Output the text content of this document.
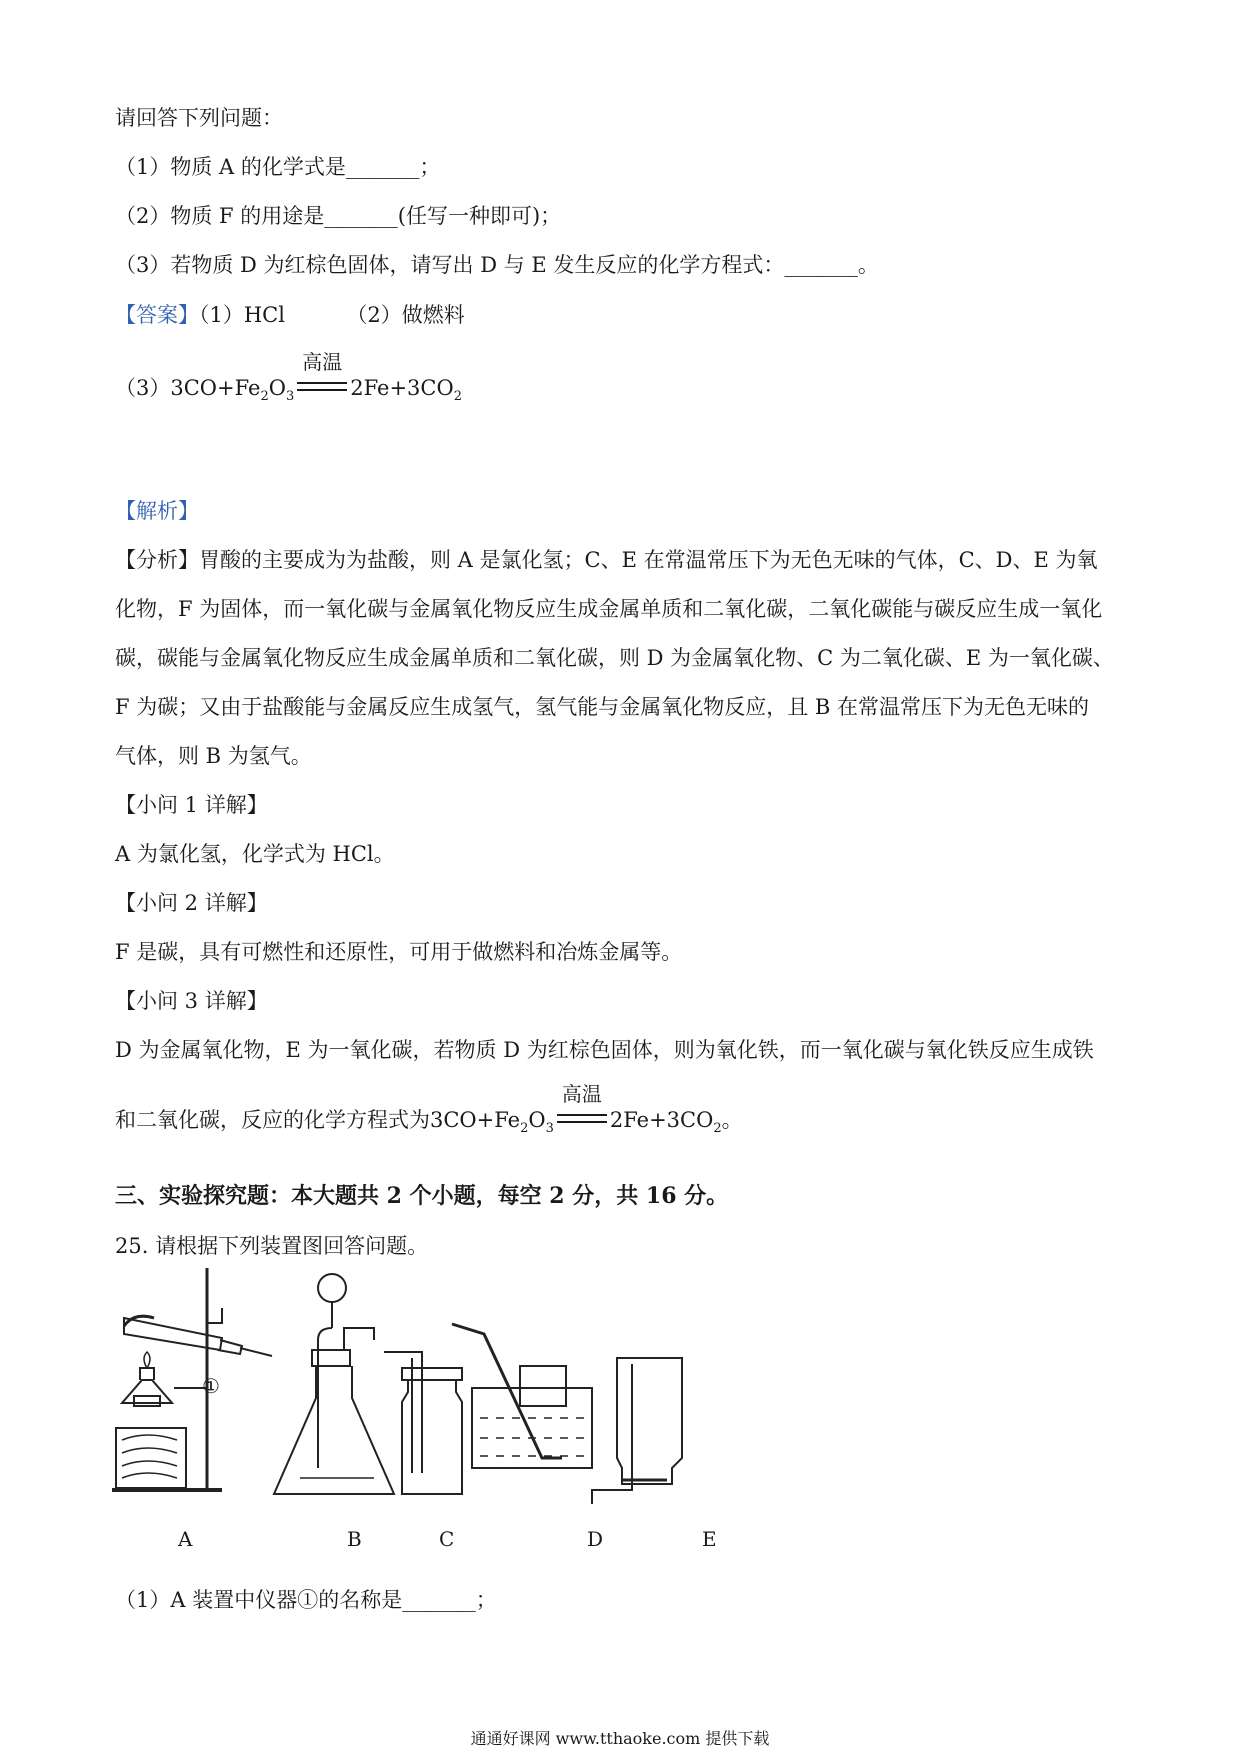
请回答下列问题：
（1）物质 A 的化学式是_______；
（2）物质 F 的用途是_______(任写一种即可)；
（3）若物质 D 为红棕色固体，请写出 D 与 E 发生反应的化学方程式：_______。
【答案】（1）HCl	（2）做燃料
$(3)3CO+Fe_2O_3$
高温
$2Fe+3CO_2$
【解析】
【分析】胃酸的主要成为为盐酸，则 A 是氯化氢；C、E 在常温常压下为无色无味的气体，C、D、E 为氧
化物，F 为固体，而一氧化碳与金属氧化物反应生成金属单质和二氧化碳，二氧化碳能与碳反应生成一氧化
碳，碳能与金属氧化物反应生成金属单质和二氧化碳，则 D 为金属氧化物、C 为二氧化碳、E 为一氧化碳、
F 为碳；又由于盐酸能与金属反应生成氢气，氢气能与金属氧化物反应，且 B 在常温常压下为无色无味的
气体，则 B 为氢气。
【小问 1 详解】
A 为氯化氢，化学式为 HCl。
【小问 2 详解】
F 是碳，具有可燃性和还原性，可用于做燃料和冶炼金属等。
【小问 3 详解】
D 为金属氧化物，E 为一氧化碳，若物质 D 为红棕色固体，则为氧化铁，而一氧化碳与氧化铁反应生成铁
和二氧化碳，反应的化学方程式为$3CO+Fe_2O_3$
高温
$2Fe+3CO_2$。
三、实验探究题：本大题共 2 个小题，每空 2 分，共 16 分。
25. 请根据下列装置图回答问题。
①
A	B	C	D	E
（1）A 装置中仪器①的名称是_______；
通通好课网 www.tthaoke.com 提供下载
